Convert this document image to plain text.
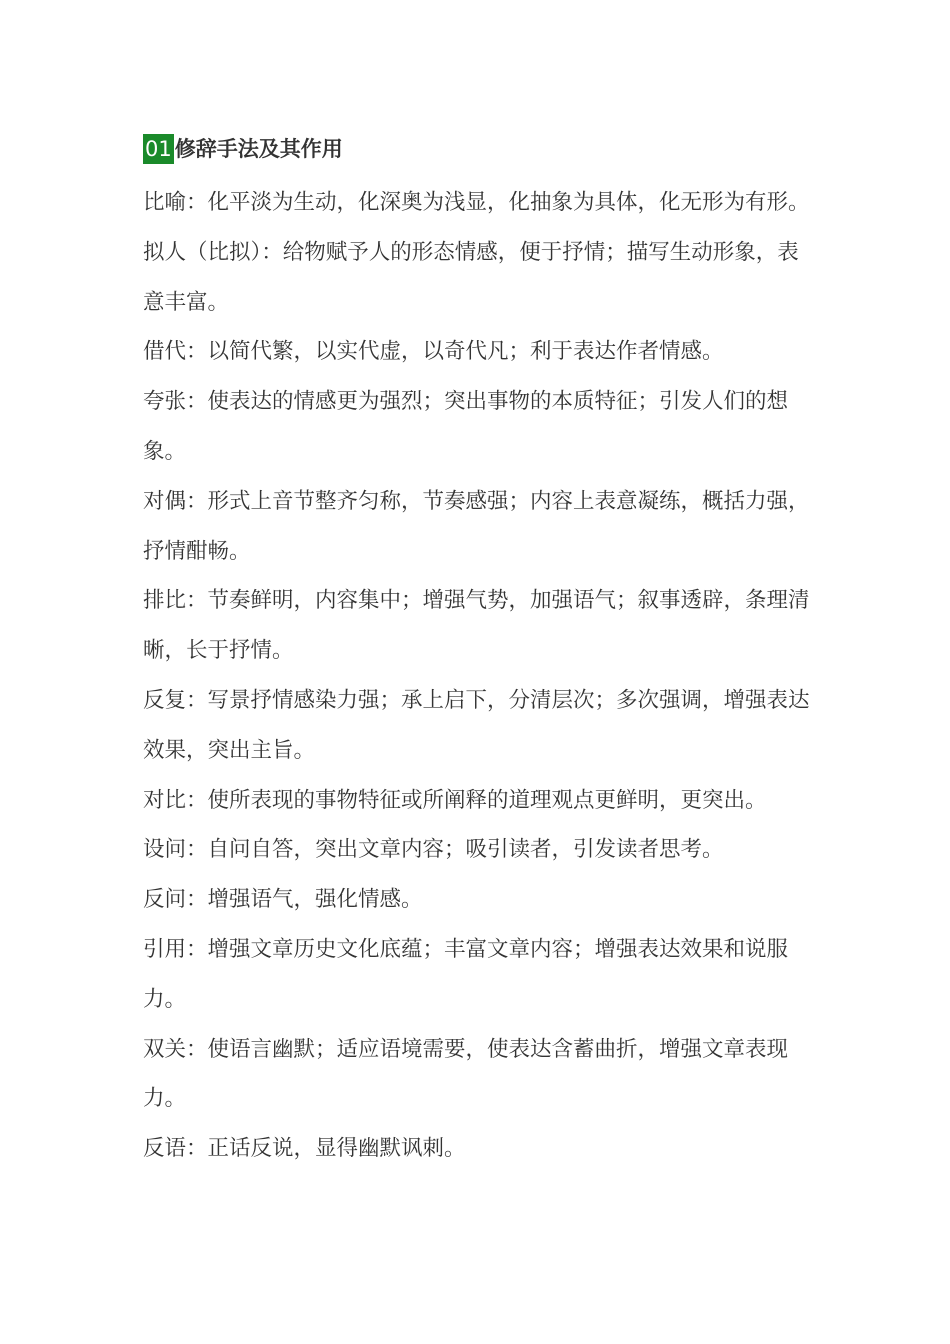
01 修辞手法及其作用

比喻：化平淡为生动，化深奥为浅显，化抽象为具体，化无形为有形。

拟人（比拟）：给物赋予人的形态情感，便于抒情；描写生动形象，表意丰富。

借代：以简代繁，以实代虚，以奇代凡；利于表达作者情感。

夸张：使表达的情感更为强烈；突出事物的本质特征；引发人们的想象。

对偶：形式上音节整齐匀称，节奏感强；内容上表意凝练，概括力强，抒情酣畅。

排比：节奏鲜明，内容集中；增强气势，加强语气；叙事透辟，条理清晰，长于抒情。

反复：写景抒情感染力强；承上启下，分清层次；多次强调，增强表达效果，突出主旨。

对比：使所表现的事物特征或所阐释的道理观点更鲜明，更突出。

设问：自问自答，突出文章内容；吸引读者，引发读者思考。

反问：增强语气，强化情感。

引用：增强文章历史文化底蕴；丰富文章内容；增强表达效果和说服力。

双关：使语言幽默；适应语境需要，使表达含蓄曲折，增强文章表现力。

反语：正话反说，显得幽默讽刺。
